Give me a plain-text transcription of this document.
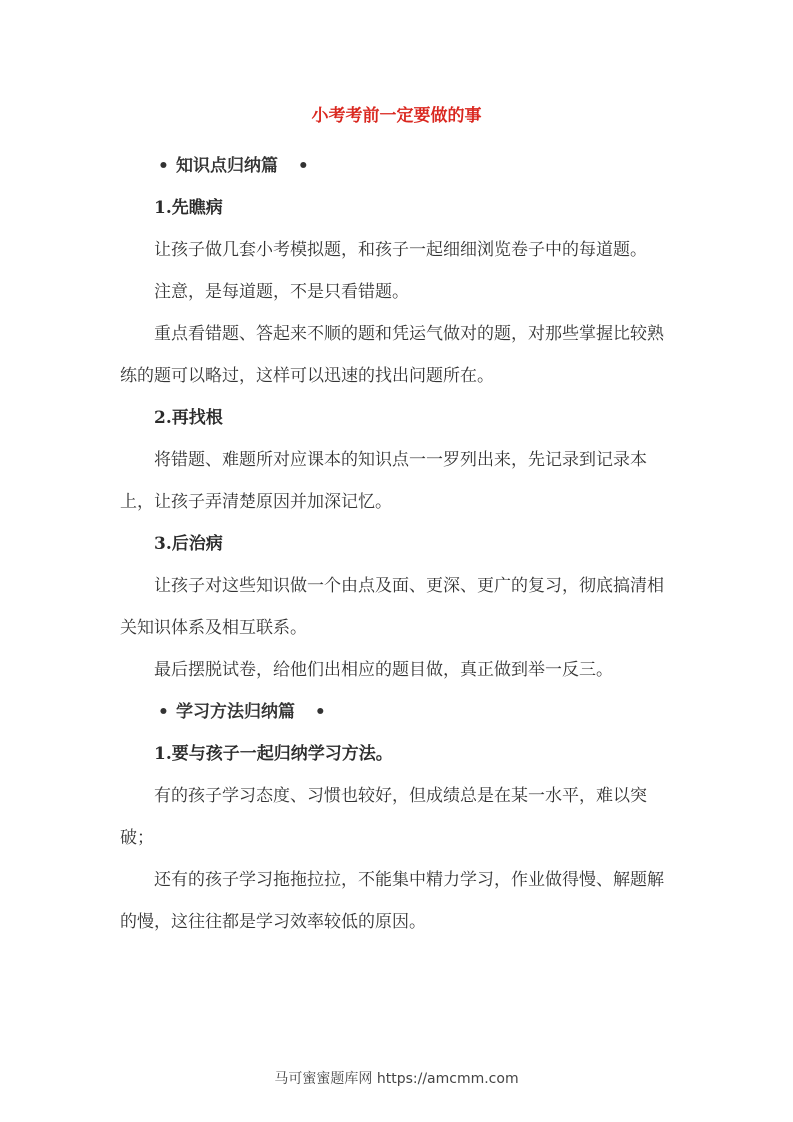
小考考前一定要做的事

• 知识点归纳篇 •

1.先瞧病

让孩子做几套小考模拟题，和孩子一起细细浏览卷子中的每道题。

注意，是每道题，不是只看错题。

重点看错题、答起来不顺的题和凭运气做对的题，对那些掌握比较熟练的题可以略过，这样可以迅速的找出问题所在。

2.再找根

将错题、难题所对应课本的知识点一一罗列出来，先记录到记录本上，让孩子弄清楚原因并加深记忆。

3.后治病

让孩子对这些知识做一个由点及面、更深、更广的复习，彻底搞清相关知识体系及相互联系。

最后摆脱试卷，给他们出相应的题目做，真正做到举一反三。

• 学习方法归纳篇 •

1.要与孩子一起归纳学习方法。

有的孩子学习态度、习惯也较好，但成绩总是在某一水平，难以突破；

还有的孩子学习拖拖拉拉，不能集中精力学习，作业做得慢、解题解的慢，这往往都是学习效率较低的原因。

马可蜜蜜题库网 https://amcmm.com
